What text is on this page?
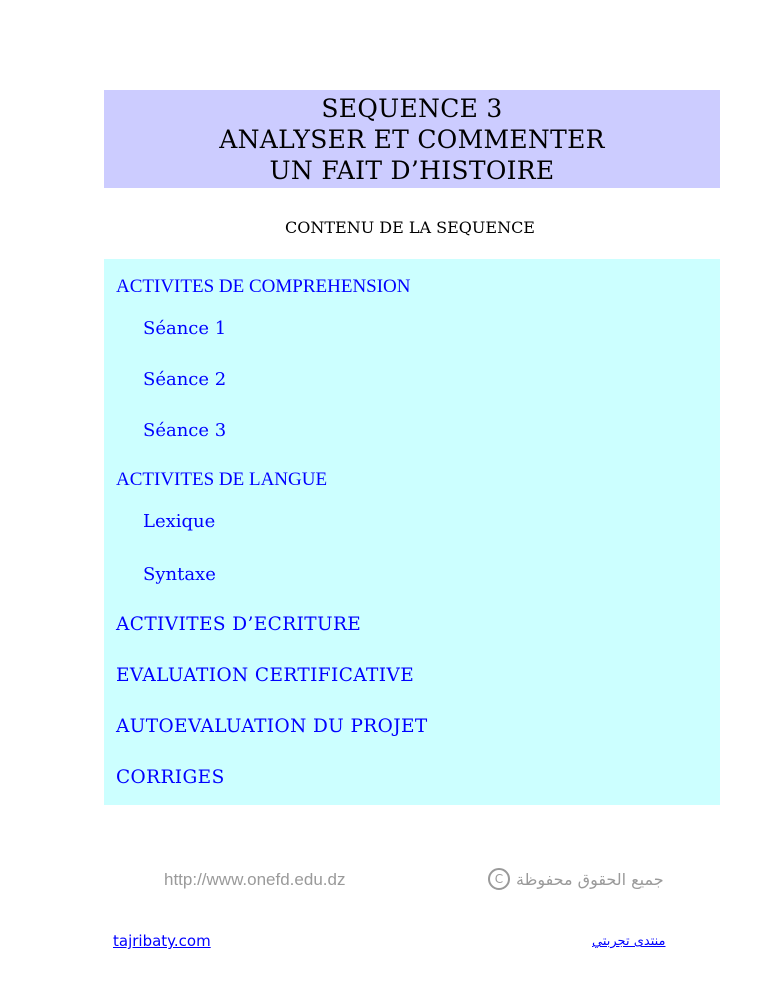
SEQUENCE 3
ANALYSER ET COMMENTER
UN FAIT D’HISTOIRE
CONTENU DE LA SEQUENCE
ACTIVITES DE COMPREHENSION
Séance 1
Séance 2
Séance 3
ACTIVITES DE LANGUE
Lexique
Syntaxe
ACTIVITES D’ECRITURE
EVALUATION CERTIFICATIVE
AUTOEVALUATION DU PROJET
CORRIGES
http://www.onefd.edu.dz	C جميع الحقوق محفوظة
tajribaty.com	منتدى تجربتي
